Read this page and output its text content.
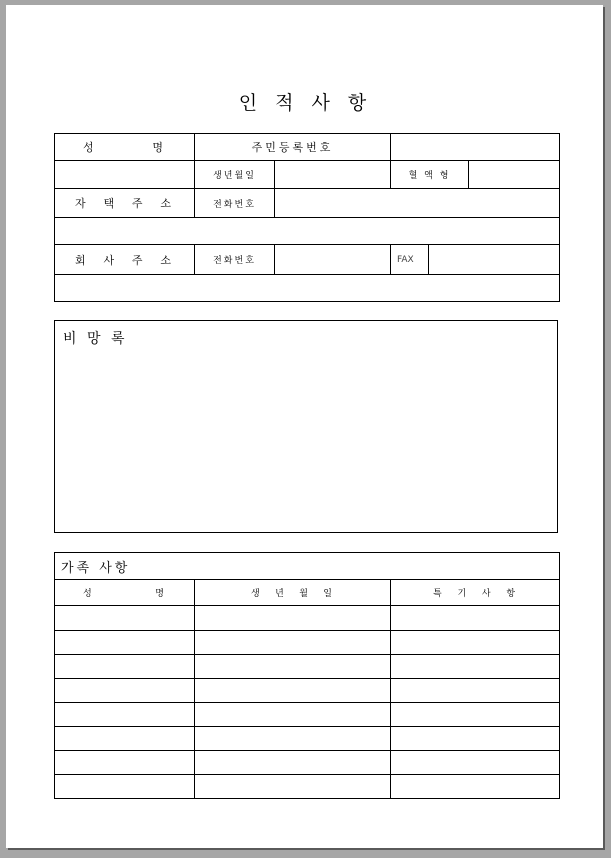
인 적 사 항
성 명	주민등록번호				
	생년월일		혈 액 형		

자 택 주 소	전화번호				

회 사 주 소	전화번호		FAX		

비 망 록
가족 사항		

성 명	생 년 월 일	특 기 사 항
